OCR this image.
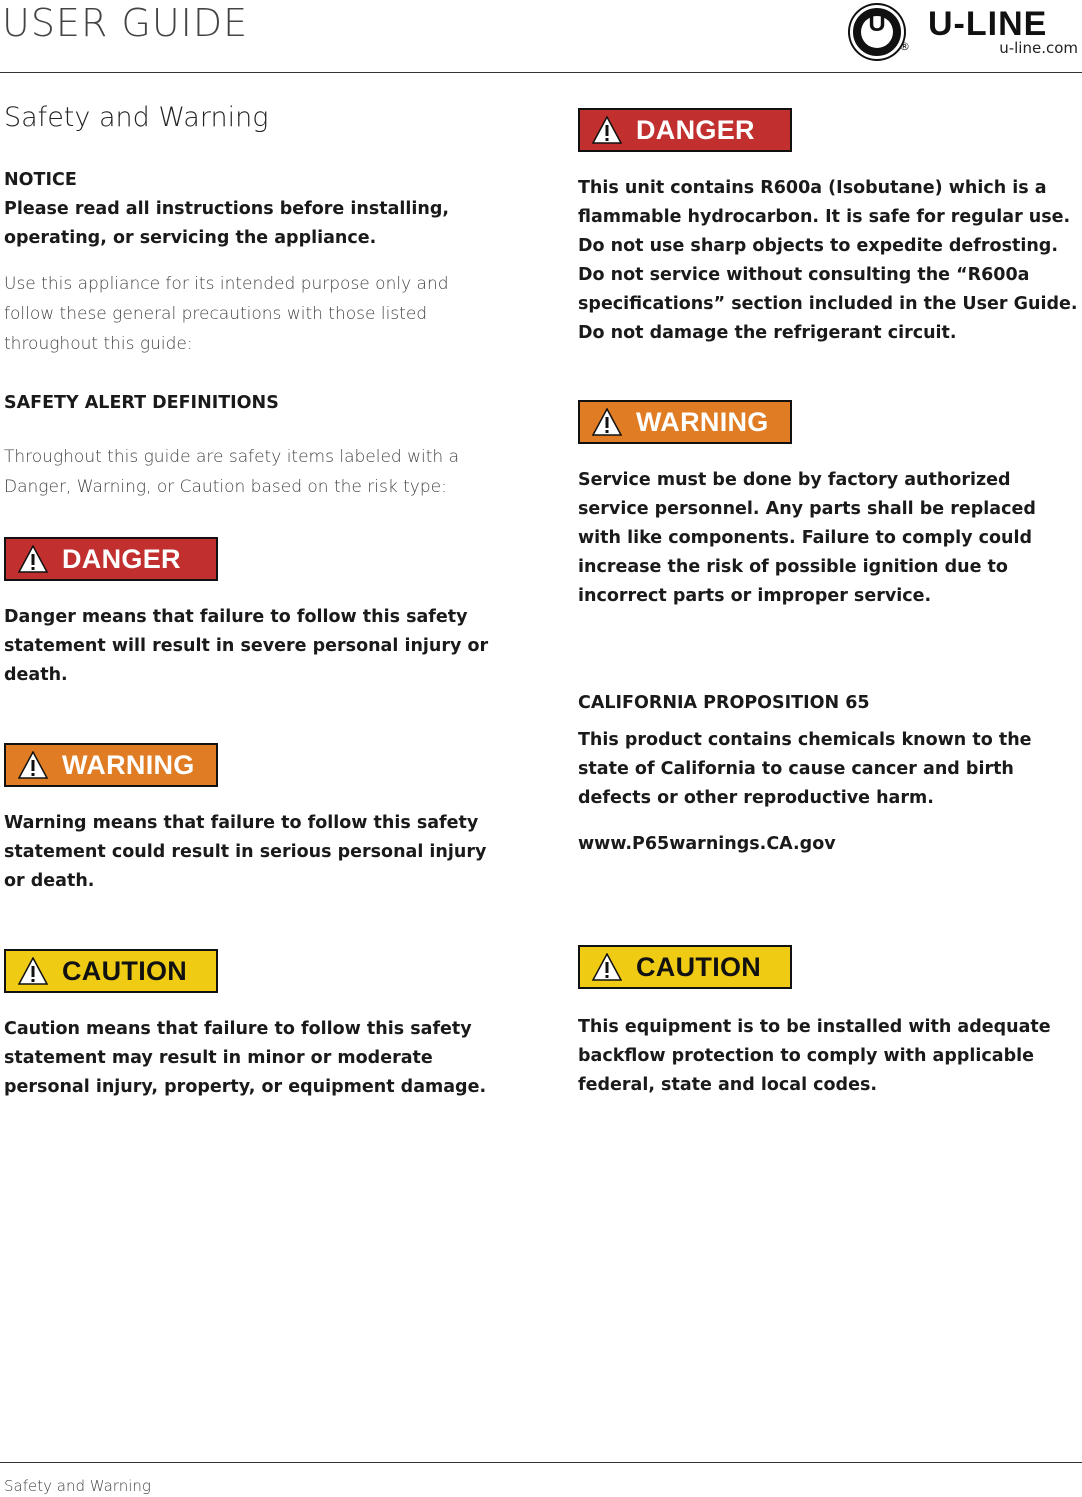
USER GUIDE	U
®
U-LINE
u-line.com
Safety and Warning

NOTICE

Please read all instructions before installing, operating, or servicing the appliance.

Use this appliance for its intended purpose only and follow these general precautions with those listed throughout this guide:

SAFETY ALERT DEFINITIONS

Throughout this guide are safety items labeled with a Danger, Warning, or Caution based on the risk type:

DANGER

Danger means that failure to follow this safety statement will result in severe personal injury or death.

WARNING

Warning means that failure to follow this safety statement could result in serious personal injury or death.

CAUTION

Caution means that failure to follow this safety statement may result in minor or moderate personal injury, property, or equipment damage.

DANGER

This unit contains R600a (Isobutane) which is a flammable hydrocarbon. It is safe for regular use. Do not use sharp objects to expedite defrosting. Do not service without consulting the “R600a specifications” section included in the User Guide. Do not damage the refrigerant circuit.

WARNING

Service must be done by factory authorized service personnel. Any parts shall be replaced with like components. Failure to comply could increase the risk of possible ignition due to incorrect parts or improper service.

CALIFORNIA PROPOSITION 65

This product contains chemicals known to the state of California to cause cancer and birth defects or other reproductive harm.

www.P65warnings.CA.gov

CAUTION

This equipment is to be installed with adequate backflow protection to comply with applicable federal, state and local codes.

Safety and Warning
